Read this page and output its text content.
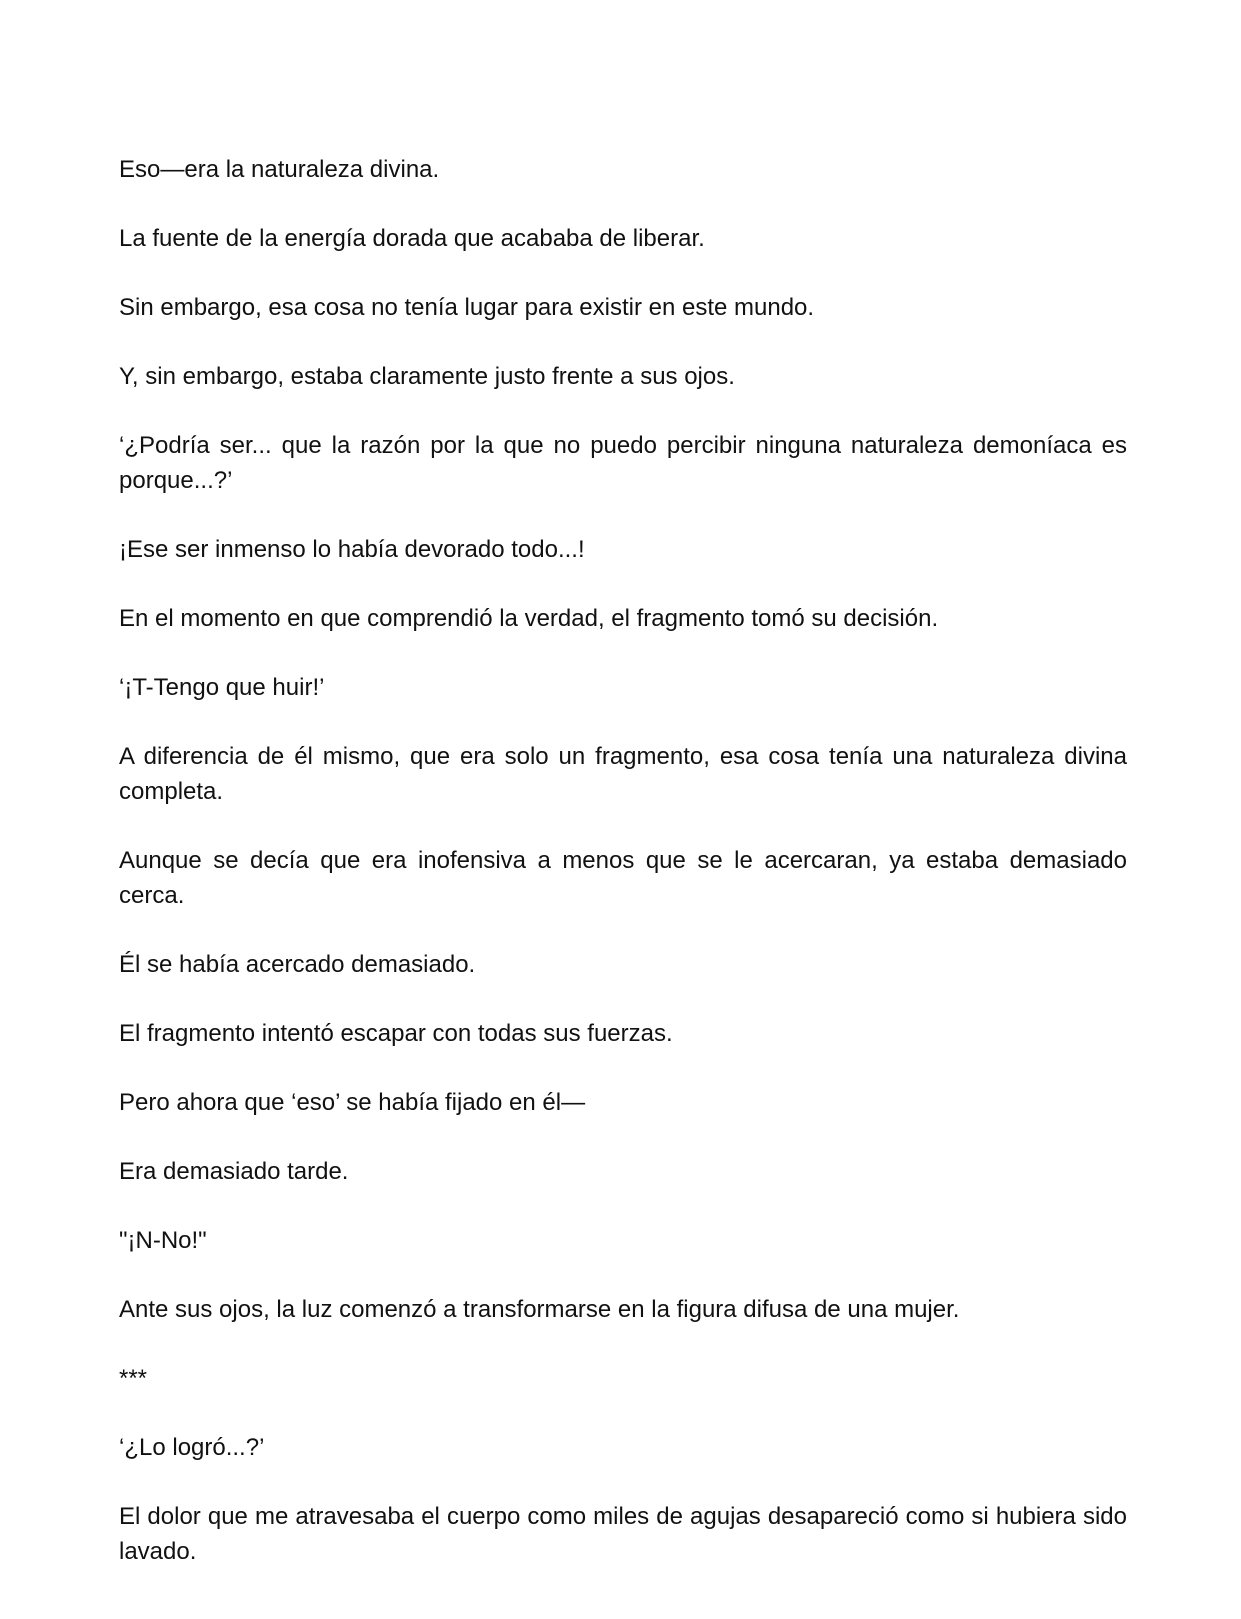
Eso—era la naturaleza divina.

La fuente de la energía dorada que acababa de liberar.

Sin embargo, esa cosa no tenía lugar para existir en este mundo.

Y, sin embargo, estaba claramente justo frente a sus ojos.

‘¿Podría ser... que la razón por la que no puedo percibir ninguna naturaleza demoníaca es porque...?’

¡Ese ser inmenso lo había devorado todo...!

En el momento en que comprendió la verdad, el fragmento tomó su decisión.

‘¡T-Tengo que huir!’

A diferencia de él mismo, que era solo un fragmento, esa cosa tenía una naturaleza divina completa.

Aunque se decía que era inofensiva a menos que se le acercaran, ya estaba demasiado cerca.

Él se había acercado demasiado.

El fragmento intentó escapar con todas sus fuerzas.

Pero ahora que ‘eso’ se había fijado en él—

Era demasiado tarde.

"¡N-No!"

Ante sus ojos, la luz comenzó a transformarse en la figura difusa de una mujer.

***

‘¿Lo logró...?’

El dolor que me atravesaba el cuerpo como miles de agujas desapareció como si hubiera sido lavado.
